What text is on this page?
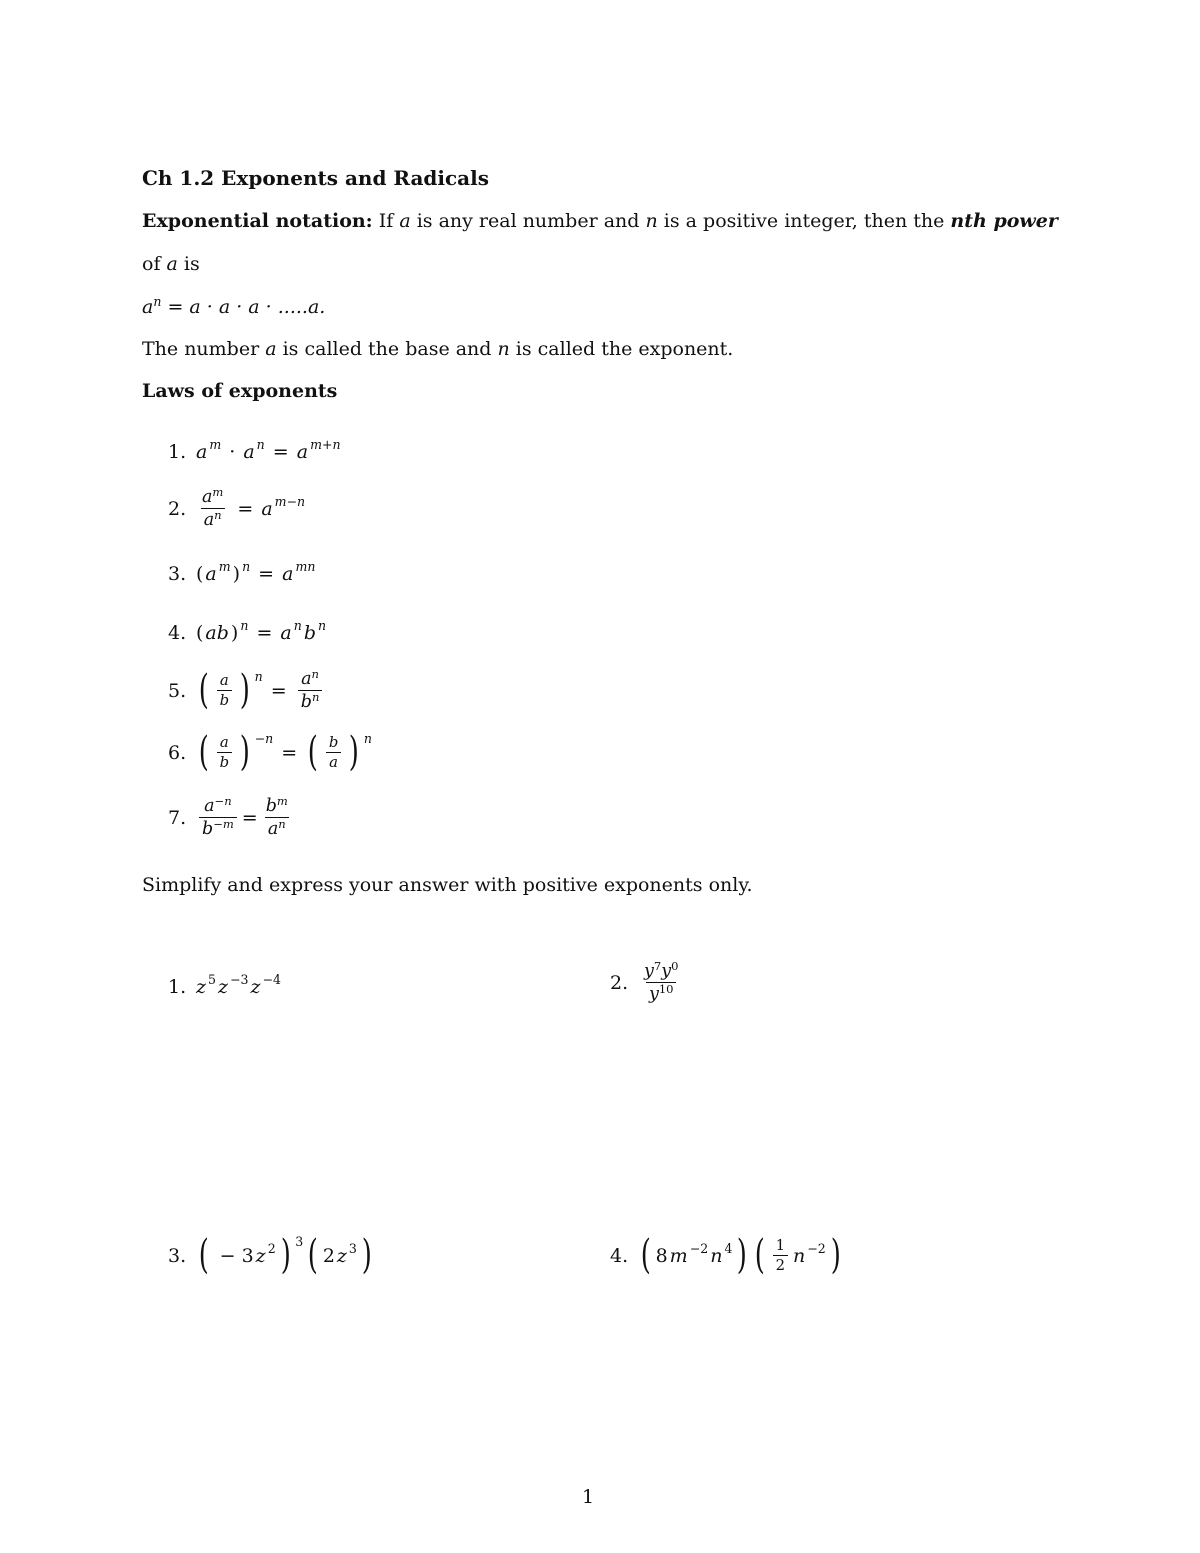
Ch 1.2 Exponents and Radicals
Exponential notation: If a is any real number and n is a positive integer, then the nth power
of a is
$a^n = a \cdot a \cdot a \cdot .....a$.
The number a is called the base and n is called the exponent.
Laws of exponents
1. $a^m \cdot a^n = a^{m+n}$
2. $\frac{a^m}{a^n} = a^{m-n}$
3. ( $a^m$ )$^n = a^{mn}$
4. ( ab )$^n = a^n$ $b^n$
5. ( $\frac{a}{b}$ ) $^n$
= $\frac{a^n}{b^n}$
6. ( $\frac{a}{b}$ ) $^{-n}$
= ( $\frac{b}{a}$ ) $^n$
7. $\frac{a^{-n}}{b^{-m}} = \frac{b^m}{a^n}$
Simplify and express your answer with positive exponents only.
1. $z^5$ $z^{-3}$ $z^{-4}$	2. $\frac{y^7y^0}{y^{10}}$
3. ( − 3 $z^2$ ) $^3$ ( 2 $z^3$ )	4. ( 8 $m^{-2}$ $n^4$ ) ( $\frac{1}{2} n^{-2}$ )
1
